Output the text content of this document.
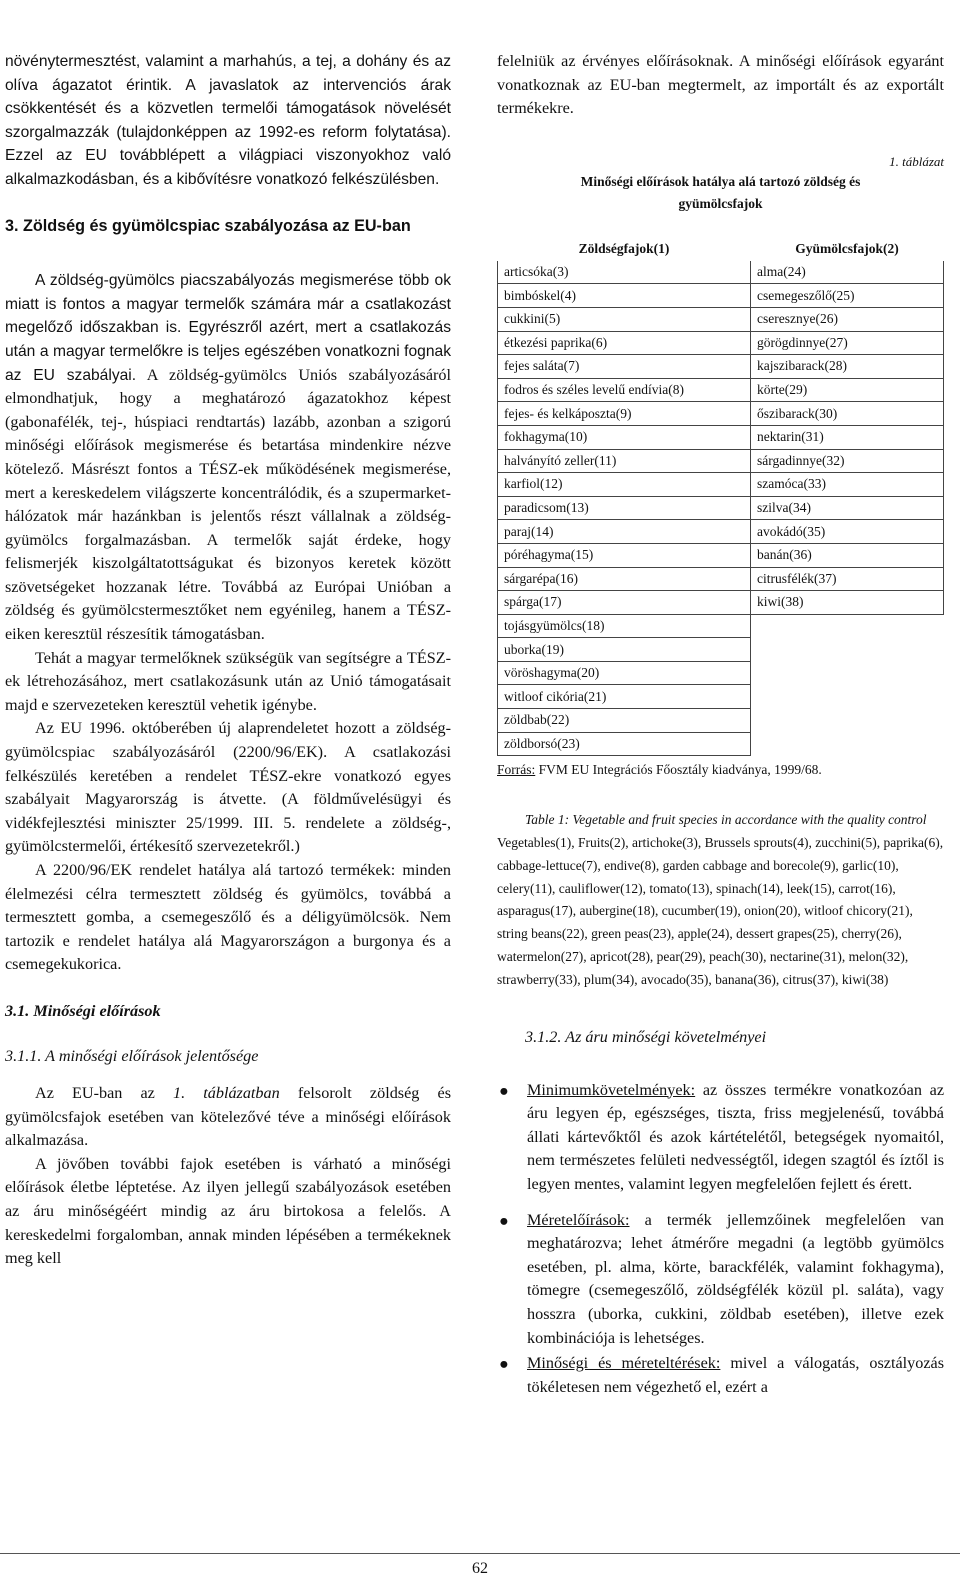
növénytermesztést, valamint a marhahús, a tej, a dohány és az olíva ágazatot érintik. A javaslatok az intervenciós árak csökkentését és a közvetlen termelői támogatások növelését szorgalmazzák (tulajdonképpen az 1992-es reform folytatása). Ezzel az EU továbblépett a világpiaci viszonyokhoz való alkalmazkodásban, és a kibővítésre vonatkozó felkészülésben.

3. Zöldség és gyümölcspiac szabályozása az EU-ban

A zöldség-gyümölcs piacszabályozás megismerése több ok miatt is fontos a magyar termelők számára már a csatlakozást megelőző időszakban is. Egyrészről azért, mert a csatlakozás után a magyar termelőkre is teljes egészében vonatkozni fognak az EU szabályai. A zöldség-gyümölcs Uniós szabályozásáról elmondhatjuk, hogy a meghatározó ágazatokhoz képest (gabonafélék, tej-, húspiaci rendtartás) lazább, azonban a szigorú minőségi előírások megismerése és betartása mindenkire nézve kötelező. Másrészt fontos a TÉSZ-ek működésének megismerése, mert a kereskedelem világszerte koncentrálódik, és a szupermarket-hálózatok már hazánkban is jelentős részt vállalnak a zöldség-gyümölcs forgalmazásban. A termelők saját érdeke, hogy felismerjék kiszolgáltatottságukat és bizonyos keretek között szövetségeket hozzanak létre. Továbbá az Európai Unióban a zöldség és gyümölcstermesztőket nem egyénileg, hanem a TÉSZ-eiken keresztül részesítik támogatásban.

Tehát a magyar termelőknek szükségük van segítségre a TÉSZ-ek létrehozásához, mert csatlakozásunk után az Unió támogatásait majd e szervezeteken keresztül vehetik igénybe.

Az EU 1996. októberében új alaprendeletet hozott a zöldség-gyümölcspiac szabályozásáról (2200/96/EK). A csatlakozási felkészülés keretében a rendelet TÉSZ-ekre vonatkozó egyes szabályait Magyarország is átvette. (A földművelésügyi és vidékfejlesztési miniszter 25/1999. III. 5. rendelete a zöldség-, gyümölcstermelői, értékesítő szervezetekről.)

A 2200/96/EK rendelet hatálya alá tartozó termékek: minden élelmezési célra termesztett zöldség és gyümölcs, továbbá a termesztett gomba, a csemegeszőlő és a déligyümölcsök. Nem tartozik e rendelet hatálya alá Magyarországon a burgonya és a csemegekukorica.

3.1. Minőségi előírások

3.1.1. A minőségi előírások jelentősége

Az EU-ban az 1. táblázatban felsorolt zöldség és gyümölcsfajok esetében van kötelezővé téve a minőségi előírások alkalmazása.

A jövőben további fajok esetében is várható a minőségi előírások életbe léptetése. Az ilyen jellegű szabályozások esetében az áru minőségéért mindig az áru birtokosa a felelős. A kereskedelmi forgalomban, annak minden lépésében a termékeknek meg kell

felelniük az érvényes előírásoknak. A minőségi előírások egyaránt vonatkoznak az EU-ban megtermelt, az importált és az exportált termékekre.

1. táblázat
Minőségi előírások hatálya alá tartozó zöldség és
gyümölcsfajok
Zöldségfajok(1)	Gyümölcsfajok(2)
articsóka(3)	alma(24)
bimbóskel(4)	csemegeszőlő(25)
cukkini(5)	cseresznye(26)
étkezési paprika(6)	görögdinnye(27)
fejes saláta(7)	kajszibarack(28)
fodros és széles levelű endívia(8)	körte(29)
fejes- és kelkáposzta(9)	őszibarack(30)
fokhagyma(10)	nektarin(31)
halványító zeller(11)	sárgadinnye(32)
karfiol(12)	szamóca(33)
paradicsom(13)	szilva(34)
paraj(14)	avokádó(35)
póréhagyma(15)	banán(36)
sárgarépa(16)	citrusfélék(37)
spárga(17)	kiwi(38)
tojásgyümölcs(18)	
uborka(19)	
vöröshagyma(20)	
witloof cikória(21)	
zöldbab(22)	
zöldborsó(23)	
Forrás: FVM EU Integrációs Főosztály kiadványa, 1999/68.
Table 1: Vegetable and fruit species in accordance with the quality control
Vegetables(1), Fruits(2), artichoke(3), Brussels sprouts(4), zucchini(5), paprika(6), cabbage-lettuce(7), endive(8), garden cabbage and borecole(9), garlic(10), celery(11), cauliflower(12), tomato(13), spinach(14), leek(15), carrot(16), asparagus(17), aubergine(18), cucumber(19), onion(20), witloof chicory(21), string beans(22), green peas(23), apple(24), dessert grapes(25), cherry(26), watermelon(27), apricot(28), pear(29), peach(30), nectarine(31), melon(32), strawberry(33), plum(34), avocado(35), banana(36), citrus(37), kiwi(38)
3.1.2. Az áru minőségi követelményei
● Minimumkövetelmények: az összes termékre vonatkozóan az áru legyen ép, egészséges, tiszta, friss megjelenésű, továbbá állati kártevőktől és azok kártételétől, betegségek nyomaitól, nem természetes felületi nedvességtől, idegen szagtól és íztől is legyen mentes, valamint legyen megfelelően fejlett és érett.
● Méretelőírások: a termék jellemzőinek megfelelően van meghatározva; lehet átmérőre megadni (a legtöbb gyümölcs esetében, pl. alma, körte, barackfélék, valamint fokhagyma), tömegre (csemegeszőlő, zöldségfélék közül pl. saláta), vagy hosszra (uborka, cukkini, zöldbab esetében), illetve ezek kombinációja is lehetséges.
● Minőségi és méreteltérések: mivel a válogatás, osztályozás tökéletesen nem végezhető el, ezért a
62
